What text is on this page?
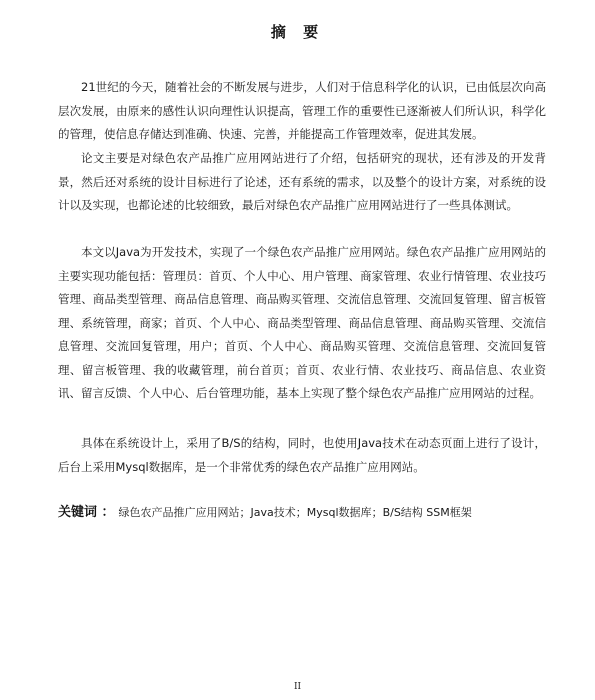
摘 要

21世纪的今天，随着社会的不断发展与进步，人们对于信息科学化的认识，已由低层次向高层次发展，由原来的感性认识向理性认识提高，管理工作的重要性已逐渐被人们所认识，科学化的管理，使信息存储达到准确、快速、完善，并能提高工作管理效率，促进其发展。

论文主要是对绿色农产品推广应用网站进行了介绍，包括研究的现状，还有涉及的开发背景，然后还对系统的设计目标进行了论述，还有系统的需求，以及整个的设计方案，对系统的设计以及实现，也都论述的比较细致，最后对绿色农产品推广应用网站进行了一些具体测试。

本文以Java为开发技术，实现了一个绿色农产品推广应用网站。绿色农产品推广应用网站的主要实现功能包括：管理员：首页、个人中心、用户管理、商家管理、农业行情管理、农业技巧管理、商品类型管理、商品信息管理、商品购买管理、交流信息管理、交流回复管理、留言板管理、系统管理，商家；首页、个人中心、商品类型管理、商品信息管理、商品购买管理、交流信息管理、交流回复管理，用户；首页、个人中心、商品购买管理、交流信息管理、交流回复管理、留言板管理、我的收藏管理，前台首页；首页、农业行情、农业技巧、商品信息、农业资讯、留言反馈、个人中心、后台管理功能，基本上实现了整个绿色农产品推广应用网站的过程。

具体在系统设计上，采用了B/S的结构，同时，也使用Java技术在动态页面上进行了设计，后台上采用Mysql数据库，是一个非常优秀的绿色农产品推广应用网站。

关键词 ： 绿色农产品推广应用网站；Java技术；Mysql数据库；B/S结构 SSM框架
II
